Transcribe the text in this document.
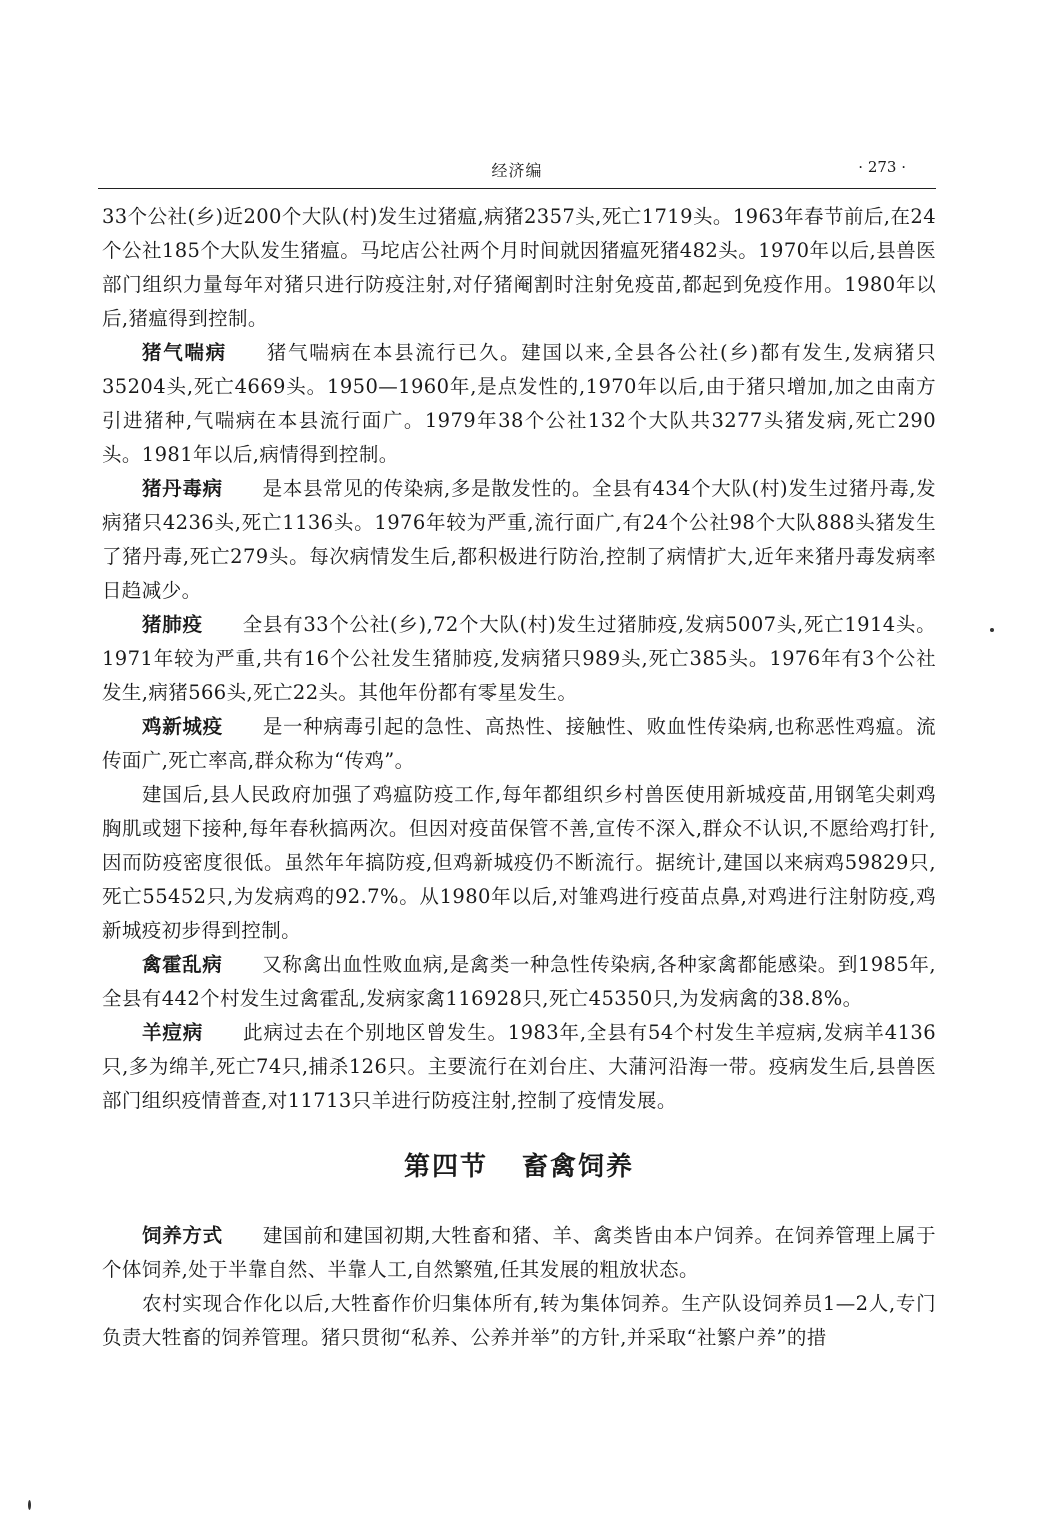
经济编	· 273 ·

33个公社(乡)近200个大队(村)发生过猪瘟,病猪2357头,死亡1719头。1963年春节前后,在24个公社185个大队发生猪瘟。马坨店公社两个月时间就因猪瘟死猪482头。1970年以后,县兽医部门组织力量每年对猪只进行防疫注射,对仔猪阉割时注射免疫苗,都起到免疫作用。1980年以后,猪瘟得到控制。

猪气喘病 猪气喘病在本县流行已久。建国以来,全县各公社(乡)都有发生,发病猪只35204头,死亡4669头。1950—1960年,是点发性的,1970年以后,由于猪只增加,加之由南方引进猪种,气喘病在本县流行面广。1979年38个公社132个大队共3277头猪发病,死亡290头。1981年以后,病情得到控制。

猪丹毒病 是本县常见的传染病,多是散发性的。全县有434个大队(村)发生过猪丹毒,发病猪只4236头,死亡1136头。1976年较为严重,流行面广,有24个公社98个大队888头猪发生了猪丹毒,死亡279头。每次病情发生后,都积极进行防治,控制了病情扩大,近年来猪丹毒发病率日趋减少。

猪肺疫 全县有33个公社(乡),72个大队(村)发生过猪肺疫,发病5007头,死亡1914头。1971年较为严重,共有16个公社发生猪肺疫,发病猪只989头,死亡385头。1976年有3个公社发生,病猪566头,死亡22头。其他年份都有零星发生。

鸡新城疫 是一种病毒引起的急性、高热性、接触性、败血性传染病,也称恶性鸡瘟。流传面广,死亡率高,群众称为“传鸡”。

建国后,县人民政府加强了鸡瘟防疫工作,每年都组织乡村兽医使用新城疫苗,用钢笔尖刺鸡胸肌或翅下接种,每年春秋搞两次。但因对疫苗保管不善,宣传不深入,群众不认识,不愿给鸡打针,因而防疫密度很低。虽然年年搞防疫,但鸡新城疫仍不断流行。据统计,建国以来病鸡59829只,死亡55452只,为发病鸡的92.7%。从1980年以后,对雏鸡进行疫苗点鼻,对鸡进行注射防疫,鸡新城疫初步得到控制。

禽霍乱病 又称禽出血性败血病,是禽类一种急性传染病,各种家禽都能感染。到1985年,全县有442个村发生过禽霍乱,发病家禽116928只,死亡45350只,为发病禽的38.8%。

羊痘病 此病过去在个别地区曾发生。1983年,全县有54个村发生羊痘病,发病羊4136只,多为绵羊,死亡74只,捕杀126只。主要流行在刘台庄、大蒲河沿海一带。疫病发生后,县兽医部门组织疫情普查,对11713只羊进行防疫注射,控制了疫情发展。

第四节 畜禽饲养

饲养方式 建国前和建国初期,大牲畜和猪、羊、禽类皆由本户饲养。在饲养管理上属于个体饲养,处于半靠自然、半靠人工,自然繁殖,任其发展的粗放状态。

农村实现合作化以后,大牲畜作价归集体所有,转为集体饲养。生产队设饲养员1—2人,专门负责大牲畜的饲养管理。猪只贯彻“私养、公养并举”的方针,并采取“社繁户养”的措
